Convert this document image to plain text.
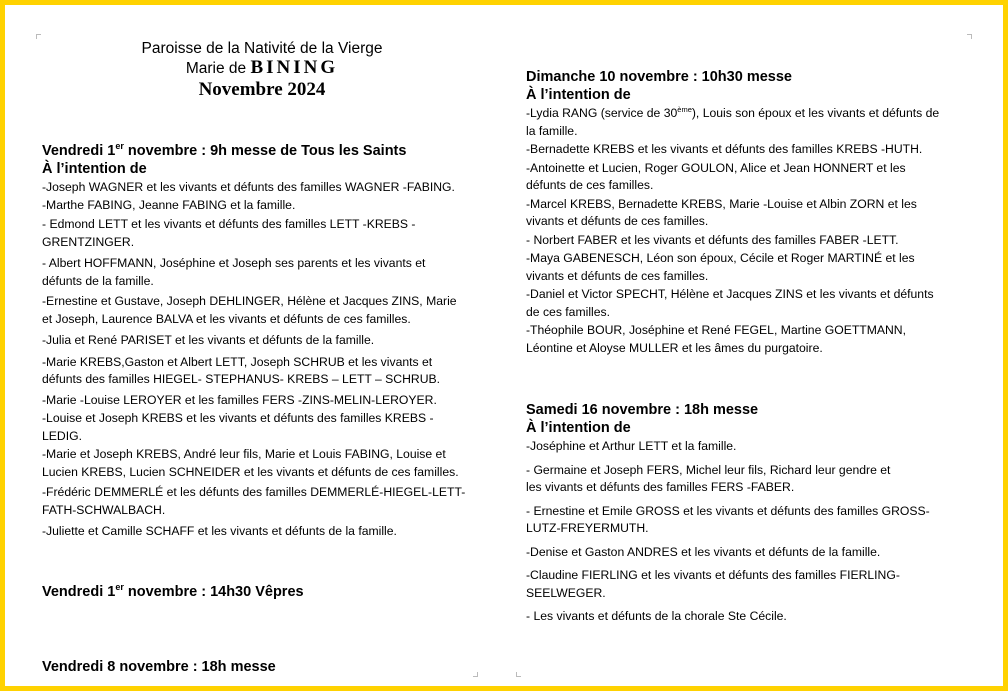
Paroisse de la Nativité de la Vierge
Marie de BINING
Novembre 2024
Vendredi 1er novembre : 9h messe de Tous les Saints
À l’intention de
-Joseph WAGNER et les vivants et défunts des familles WAGNER -FABING.
-Marthe FABING, Jeanne FABING et la famille.
- Edmond LETT et les vivants et défunts des familles LETT -KREBS -
GRENTZINGER.
- Albert HOFFMANN, Joséphine et Joseph ses parents et les vivants et
défunts de la famille.
-Ernestine et Gustave, Joseph DEHLINGER, Hélène et Jacques ZINS, Marie
et Joseph, Laurence BALVA et les vivants et défunts de ces familles.
-Julia et René PARISET et les vivants et défunts de la famille.
-Marie KREBS,Gaston et Albert LETT, Joseph SCHRUB et les vivants et
défunts des familles HIEGEL- STEPHANUS- KREBS – LETT – SCHRUB.
-Marie -Louise LEROYER et les familles FERS -ZINS-MELIN-LEROYER.
-Louise et Joseph KREBS et les vivants et défunts des familles KREBS -
LEDIG.
-Marie et Joseph KREBS, André leur fils, Marie et Louis FABING, Louise et
Lucien KREBS, Lucien SCHNEIDER et les vivants et défunts de ces familles.
-Frédéric DEMMERLÉ et les défunts des familles DEMMERLÉ-HIEGEL-LETT-
FATH-SCHWALBACH.
-Juliette et Camille SCHAFF et les vivants et défunts de la famille.
Vendredi 1er novembre : 14h30 Vêpres
Vendredi 8 novembre : 18h messe
Dimanche 10 novembre : 10h30 messe
À l’intention de
-Lydia RANG (service de 30ème), Louis son époux et les vivants et défunts de
la famille.
-Bernadette KREBS et les vivants et défunts des familles KREBS -HUTH.
-Antoinette et Lucien, Roger GOULON, Alice et Jean HONNERT et les
défunts de ces familles.
-Marcel KREBS, Bernadette KREBS, Marie -Louise et Albin ZORN et les
vivants et défunts de ces familles.
- Norbert FABER et les vivants et défunts des familles FABER -LETT.
-Maya GABENESCH, Léon son époux, Cécile et Roger MARTINÉ et les
vivants et défunts de ces familles.
-Daniel et Victor SPECHT, Hélène et Jacques ZINS et les vivants et défunts
de ces familles.
-Théophile BOUR, Joséphine et René FEGEL, Martine GOETTMANN,
Léontine et Aloyse MULLER et les âmes du purgatoire.
Samedi 16 novembre : 18h messe
À l’intention de
-Joséphine et Arthur LETT et la famille.
- Germaine et Joseph FERS, Michel leur fils, Richard leur gendre et
les vivants et défunts des familles FERS -FABER.
- Ernestine et Emile GROSS et les vivants et défunts des familles GROSS-
LUTZ-FREYERMUTH.
-Denise et Gaston ANDRES et les vivants et défunts de la famille.
-Claudine FIERLING et les vivants et défunts des familles FIERLING-
SEELWEGER.
- Les vivants et défunts de la chorale Ste Cécile.
